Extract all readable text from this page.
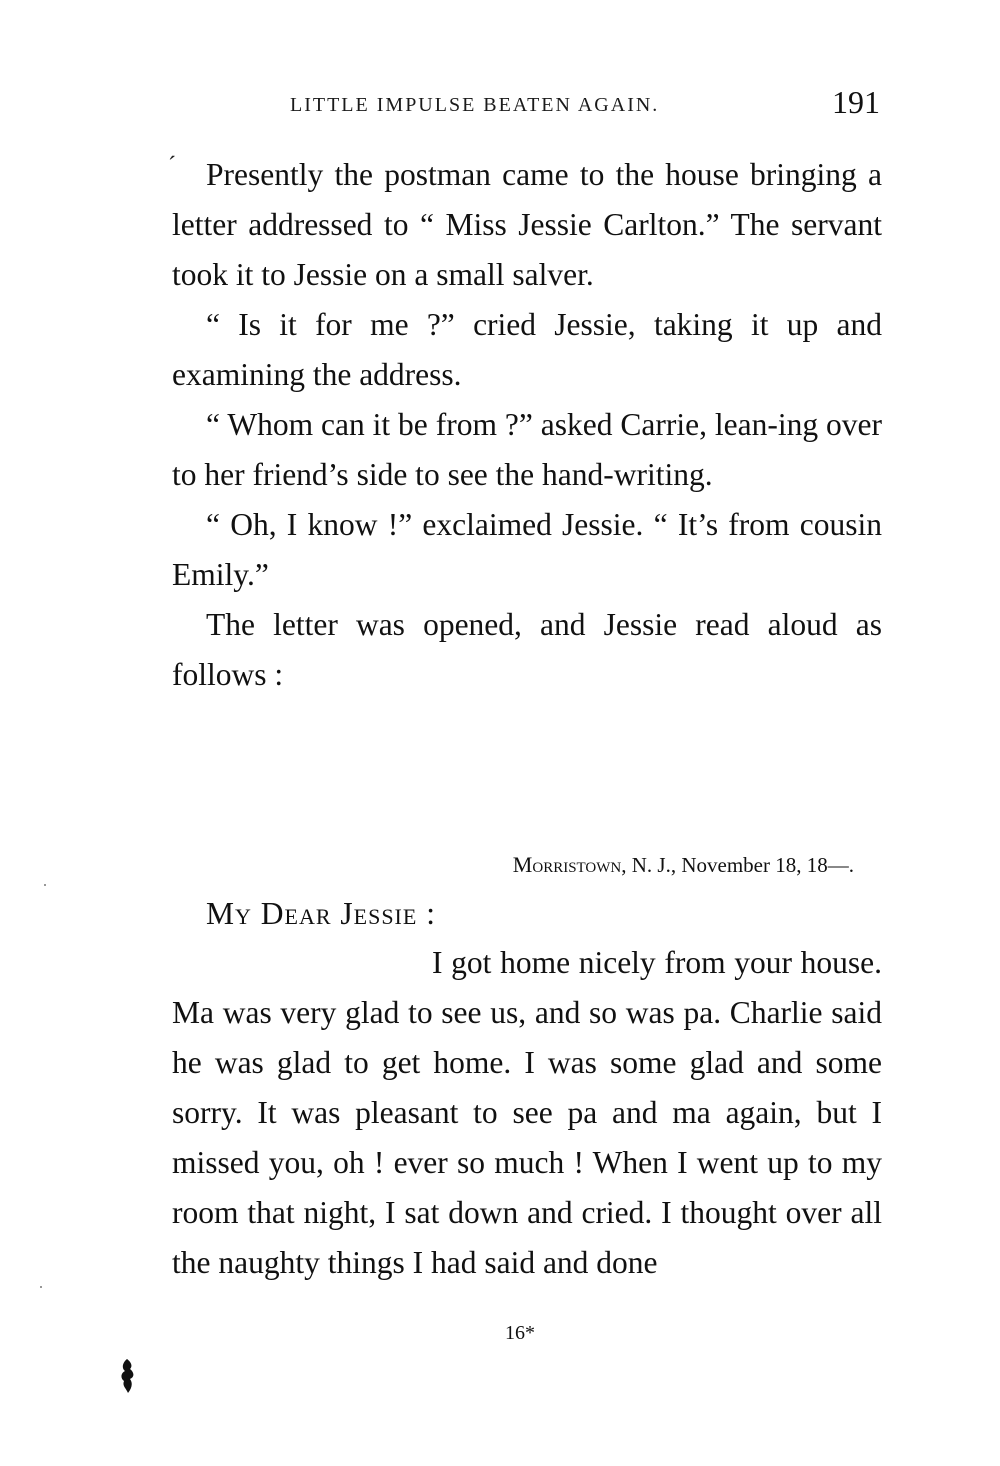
LITTLE IMPULSE BEATEN AGAIN.	191
ˊ Presently the postman came to the house bringing a letter addressed to “ Miss Jessie Carlton.” The servant took it to Jessie on a small salver.

“ Is it for me ?” cried Jessie, taking it up and examining the address.

“ Whom can it be from ?” asked Carrie, lean-ing over to her friend’s side to see the hand-writing.

“ Oh, I know !” exclaimed Jessie. “ It’s from cousin Emily.”

The letter was opened, and Jessie read aloud as follows :

Morristown, N. J., November 18, 18—.
My Dear Jessie :

I got home nicely from your house. Ma was very glad to see us, and so was pa. Charlie said he was glad to get home. I was some glad and some sorry. It was pleasant to see pa and ma again, but I missed you, oh ! ever so much ! When I went up to my room that night, I sat down and cried. I thought over all the naughty things I had said and done

16*
